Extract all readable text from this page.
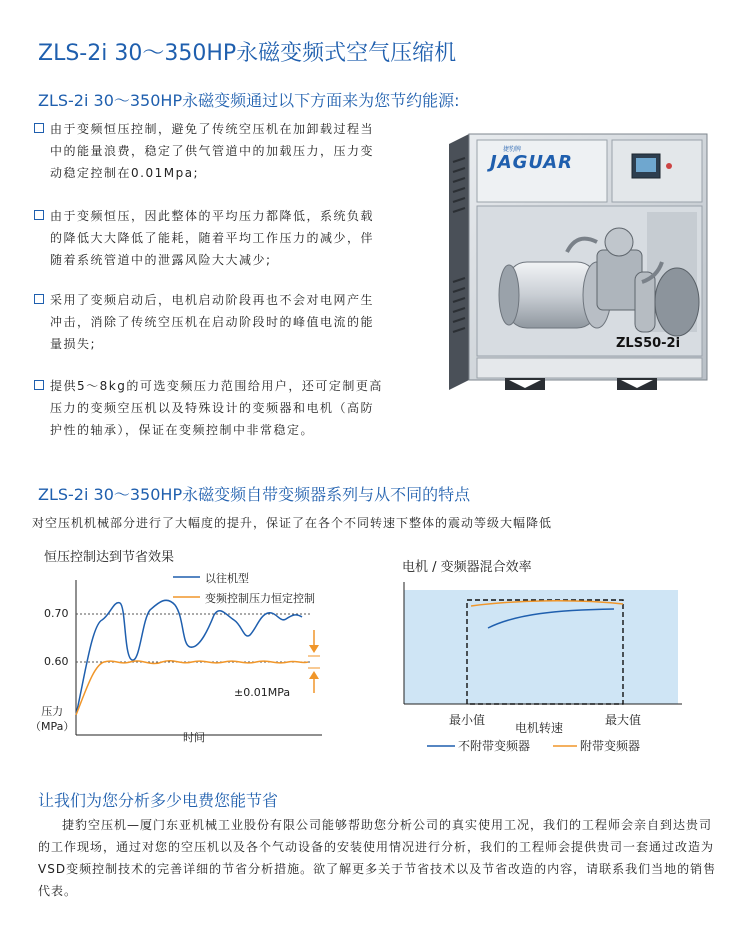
ZLS-2i 30～350HP永磁变频式空气压缩机
ZLS-2i 30～350HP永磁变频通过以下方面来为您节约能源:
由于变频恒压控制，避免了传统空压机在加卸载过程当中的能量浪费，稳定了供气管道中的加载压力，压力变动稳定控制在0.01Mpa;
由于变频恒压，因此整体的平均压力都降低，系统负载的降低大大降低了能耗，随着平均工作压力的减少，伴随着系统管道中的泄露风险大大减少;
采用了变频启动后，电机启动阶段再也不会对电网产生冲击，消除了传统空压机在启动阶段时的峰值电流的能量损失;
提供5～8kg的可选变频压力范围给用户，还可定制更高压力的变频空压机以及特殊设计的变频器和电机（高防护性的轴承），保证在变频控制中非常稳定。
捷豹牌
JAGUAR
ZLS50-2i
ZLS-2i 30～350HP永磁变频自带变频器系列与从不同的特点
对空压机机械部分进行了大幅度的提升，保证了在各个不同转速下整体的震动等级大幅降低
恒压控制达到节省效果
以往机型
变频控制压力恒定控制
0.70
0.60
±0.01MPa
压力
（MPa）
时间
电机 / 变频器混合效率
最小值	最大值
电机转速
不附带变频器	附带变频器
让我们为您分析多少电费您能节省
捷豹空压机—厦门东亚机械工业股份有限公司能够帮助您分析公司的真实使用工况，我们的工程师会亲自到达贵司的工作现场，通过对您的空压机以及各个气动设备的安装使用情况进行分析，我们的工程师会提供贵司一套通过改造为VSD变频控制技术的完善详细的节省分析措施。欲了解更多关于节省技术以及节省改造的内容，请联系我们当地的销售代表。
